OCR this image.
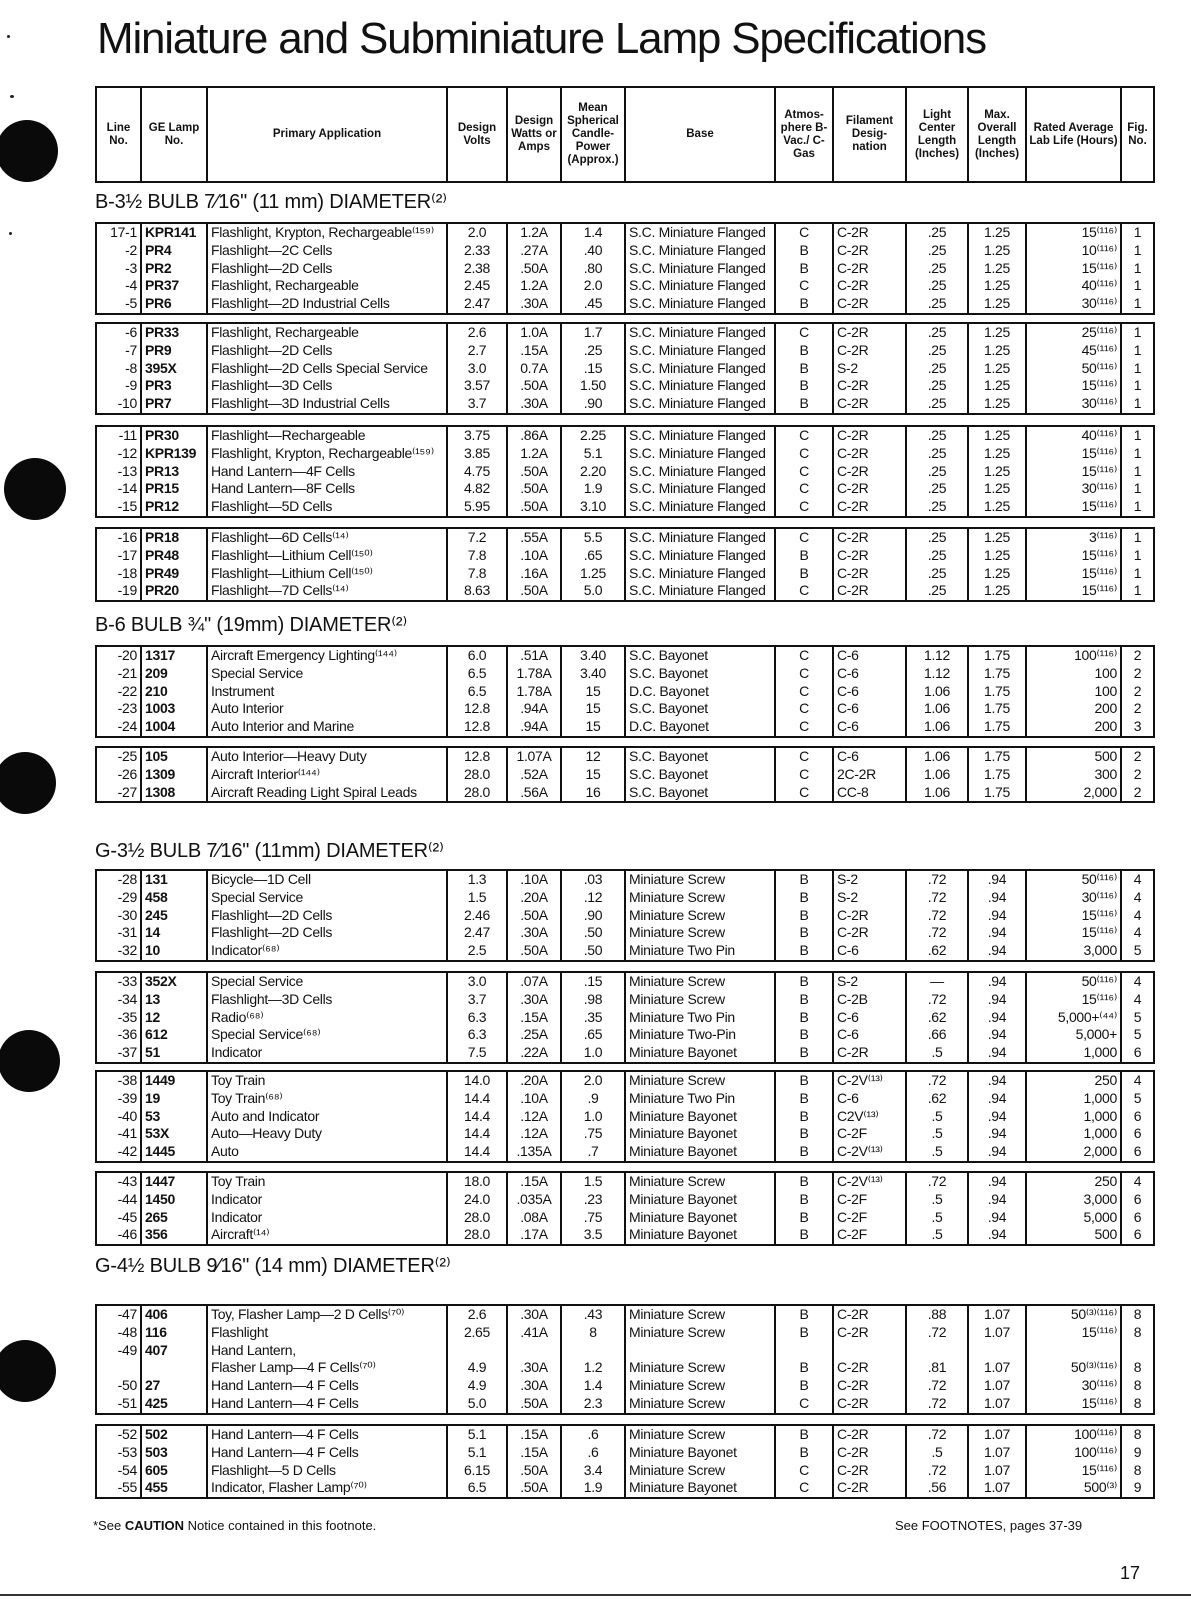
Miniature and Subminiature Lamp Specifications
Line No.	GE Lamp No.	Primary Application	Design Volts	Design Watts or Amps	Mean Spherical Candle-Power (Approx.)	Base	Atmos-phere B-Vac./ C-Gas	Filament Desig-nation	Light Center Length (Inches)	Max. Overall Length (Inches)	Rated Average Lab Life (Hours)	Fig. No.
B-3½ BULB 7⁄16" (11 mm) DIAMETER⁽²⁾
17-1	KPR141	Flashlight, Krypton, Rechargeable⁽¹⁵⁹⁾	2.0	1.2A	1.4	S.C. Miniature Flanged	C	C-2R	.25	1.25	15⁽¹¹⁶⁾	1
-2	PR4	Flashlight—2C Cells	2.33	.27A	.40	S.C. Miniature Flanged	B	C-2R	.25	1.25	10⁽¹¹⁶⁾	1
-3	PR2	Flashlight—2D Cells	2.38	.50A	.80	S.C. Miniature Flanged	B	C-2R	.25	1.25	15⁽¹¹⁶⁾	1
-4	PR37	Flashlight, Rechargeable	2.45	1.2A	2.0	S.C. Miniature Flanged	C	C-2R	.25	1.25	40⁽¹¹⁶⁾	1
-5	PR6	Flashlight—2D Industrial Cells	2.47	.30A	.45	S.C. Miniature Flanged	B	C-2R	.25	1.25	30⁽¹¹⁶⁾	1
-6	PR33	Flashlight, Rechargeable	2.6	1.0A	1.7	S.C. Miniature Flanged	C	C-2R	.25	1.25	25⁽¹¹⁶⁾	1
-7	PR9	Flashlight—2D Cells	2.7	.15A	.25	S.C. Miniature Flanged	B	C-2R	.25	1.25	45⁽¹¹⁶⁾	1
-8	395X	Flashlight—2D Cells Special Service	3.0	0.7A	.15	S.C. Miniature Flanged	B	S-2	.25	1.25	50⁽¹¹⁶⁾	1
-9	PR3	Flashlight—3D Cells	3.57	.50A	1.50	S.C. Miniature Flanged	B	C-2R	.25	1.25	15⁽¹¹⁶⁾	1
-10	PR7	Flashlight—3D Industrial Cells	3.7	.30A	.90	S.C. Miniature Flanged	B	C-2R	.25	1.25	30⁽¹¹⁶⁾	1
-11	PR30	Flashlight—Rechargeable	3.75	.86A	2.25	S.C. Miniature Flanged	C	C-2R	.25	1.25	40⁽¹¹⁶⁾	1
-12	KPR139	Flashlight, Krypton, Rechargeable⁽¹⁵⁹⁾	3.85	1.2A	5.1	S.C. Miniature Flanged	C	C-2R	.25	1.25	15⁽¹¹⁶⁾	1
-13	PR13	Hand Lantern—4F Cells	4.75	.50A	2.20	S.C. Miniature Flanged	C	C-2R	.25	1.25	15⁽¹¹⁶⁾	1
-14	PR15	Hand Lantern—8F Cells	4.82	.50A	1.9	S.C. Miniature Flanged	C	C-2R	.25	1.25	30⁽¹¹⁶⁾	1
-15	PR12	Flashlight—5D Cells	5.95	.50A	3.10	S.C. Miniature Flanged	C	C-2R	.25	1.25	15⁽¹¹⁶⁾	1
-16	PR18	Flashlight—6D Cells⁽¹⁴⁾	7.2	.55A	5.5	S.C. Miniature Flanged	C	C-2R	.25	1.25	3⁽¹¹⁶⁾	1
-17	PR48	Flashlight—Lithium Cell⁽¹⁵⁰⁾	7.8	.10A	.65	S.C. Miniature Flanged	B	C-2R	.25	1.25	15⁽¹¹⁶⁾	1
-18	PR49	Flashlight—Lithium Cell⁽¹⁵⁰⁾	7.8	.16A	1.25	S.C. Miniature Flanged	B	C-2R	.25	1.25	15⁽¹¹⁶⁾	1
-19	PR20	Flashlight—7D Cells⁽¹⁴⁾	8.63	.50A	5.0	S.C. Miniature Flanged	C	C-2R	.25	1.25	15⁽¹¹⁶⁾	1
B-6 BULB ¾" (19mm) DIAMETER⁽²⁾
-20	1317	Aircraft Emergency Lighting⁽¹⁴⁴⁾	6.0	.51A	3.40	S.C. Bayonet	C	C-6	1.12	1.75	100⁽¹¹⁶⁾	2
-21	209	Special Service	6.5	1.78A	3.40	S.C. Bayonet	C	C-6	1.12	1.75	100	2
-22	210	Instrument	6.5	1.78A	15	D.C. Bayonet	C	C-6	1.06	1.75	100	2
-23	1003	Auto Interior	12.8	.94A	15	S.C. Bayonet	C	C-6	1.06	1.75	200	2
-24	1004	Auto Interior and Marine	12.8	.94A	15	D.C. Bayonet	C	C-6	1.06	1.75	200	3
-25	105	Auto Interior—Heavy Duty	12.8	1.07A	12	S.C. Bayonet	C	C-6	1.06	1.75	500	2
-26	1309	Aircraft Interior⁽¹⁴⁴⁾	28.0	.52A	15	S.C. Bayonet	C	2C-2R	1.06	1.75	300	2
-27	1308	Aircraft Reading Light Spiral Leads	28.0	.56A	16	S.C. Bayonet	C	CC-8	1.06	1.75	2,000	2
G-3½ BULB 7⁄16" (11mm) DIAMETER⁽²⁾
-28	131	Bicycle—1D Cell	1.3	.10A	.03	Miniature Screw	B	S-2	.72	.94	50⁽¹¹⁶⁾	4
-29	458	Special Service	1.5	.20A	.12	Miniature Screw	B	S-2	.72	.94	30⁽¹¹⁶⁾	4
-30	245	Flashlight—2D Cells	2.46	.50A	.90	Miniature Screw	B	C-2R	.72	.94	15⁽¹¹⁶⁾	4
-31	14	Flashlight—2D Cells	2.47	.30A	.50	Miniature Screw	B	C-2R	.72	.94	15⁽¹¹⁶⁾	4
-32	10	Indicator⁽⁶⁸⁾	2.5	.50A	.50	Miniature Two Pin	B	C-6	.62	.94	3,000	5
-33	352X	Special Service	3.0	.07A	.15	Miniature Screw	B	S-2	—	.94	50⁽¹¹⁶⁾	4
-34	13	Flashlight—3D Cells	3.7	.30A	.98	Miniature Screw	B	C-2B	.72	.94	15⁽¹¹⁶⁾	4
-35	12	Radio⁽⁶⁸⁾	6.3	.15A	.35	Miniature Two Pin	B	C-6	.62	.94	5,000+⁽⁴⁴⁾	5
-36	612	Special Service⁽⁶⁸⁾	6.3	.25A	.65	Miniature Two-Pin	B	C-6	.66	.94	5,000+	5
-37	51	Indicator	7.5	.22A	1.0	Miniature Bayonet	B	C-2R	.5	.94	1,000	6
-38	1449	Toy Train	14.0	.20A	2.0	Miniature Screw	B	C-2V⁽¹³⁾	.72	.94	250	4
-39	19	Toy Train⁽⁶⁸⁾	14.4	.10A	.9	Miniature Two Pin	B	C-6	.62	.94	1,000	5
-40	53	Auto and Indicator	14.4	.12A	1.0	Miniature Bayonet	B	C2V⁽¹³⁾	.5	.94	1,000	6
-41	53X	Auto—Heavy Duty	14.4	.12A	.75	Miniature Bayonet	B	C-2F	.5	.94	1,000	6
-42	1445	Auto	14.4	.135A	.7	Miniature Bayonet	B	C-2V⁽¹³⁾	.5	.94	2,000	6
-43	1447	Toy Train	18.0	.15A	1.5	Miniature Screw	B	C-2V⁽¹³⁾	.72	.94	250	4
-44	1450	Indicator	24.0	.035A	.23	Miniature Bayonet	B	C-2F	.5	.94	3,000	6
-45	265	Indicator	28.0	.08A	.75	Miniature Bayonet	B	C-2F	.5	.94	5,000	6
-46	356	Aircraft⁽¹⁴⁾	28.0	.17A	3.5	Miniature Bayonet	B	C-2F	.5	.94	500	6
G-4½ BULB 9⁄16" (14 mm) DIAMETER⁽²⁾
-47	406	Toy, Flasher Lamp—2 D Cells⁽⁷⁰⁾	2.6	.30A	.43	Miniature Screw	B	C-2R	.88	1.07	50⁽³⁾⁽¹¹⁶⁾	8
-48	116	Flashlight	2.65	.41A	8	Miniature Screw	B	C-2R	.72	1.07	15⁽¹¹⁶⁾	8
-49	407	Hand Lantern,										
		Flasher Lamp—4 F Cells⁽⁷⁰⁾	4.9	.30A	1.2	Miniature Screw	B	C-2R	.81	1.07	50⁽³⁾⁽¹¹⁶⁾	8
-50	27	Hand Lantern—4 F Cells	4.9	.30A	1.4	Miniature Screw	B	C-2R	.72	1.07	30⁽¹¹⁶⁾	8
-51	425	Hand Lantern—4 F Cells	5.0	.50A	2.3	Miniature Screw	C	C-2R	.72	1.07	15⁽¹¹⁶⁾	8
-52	502	Hand Lantern—4 F Cells	5.1	.15A	.6	Miniature Screw	B	C-2R	.72	1.07	100⁽¹¹⁶⁾	8
-53	503	Hand Lantern—4 F Cells	5.1	.15A	.6	Miniature Bayonet	B	C-2R	.5	1.07	100⁽¹¹⁶⁾	9
-54	605	Flashlight—5 D Cells	6.15	.50A	3.4	Miniature Screw	C	C-2R	.72	1.07	15⁽¹¹⁶⁾	8
-55	455	Indicator, Flasher Lamp⁽⁷⁰⁾	6.5	.50A	1.9	Miniature Bayonet	C	C-2R	.56	1.07	500⁽³⁾	9
*See CAUTION Notice contained in this footnote.	See FOOTNOTES, pages 37-39
17
